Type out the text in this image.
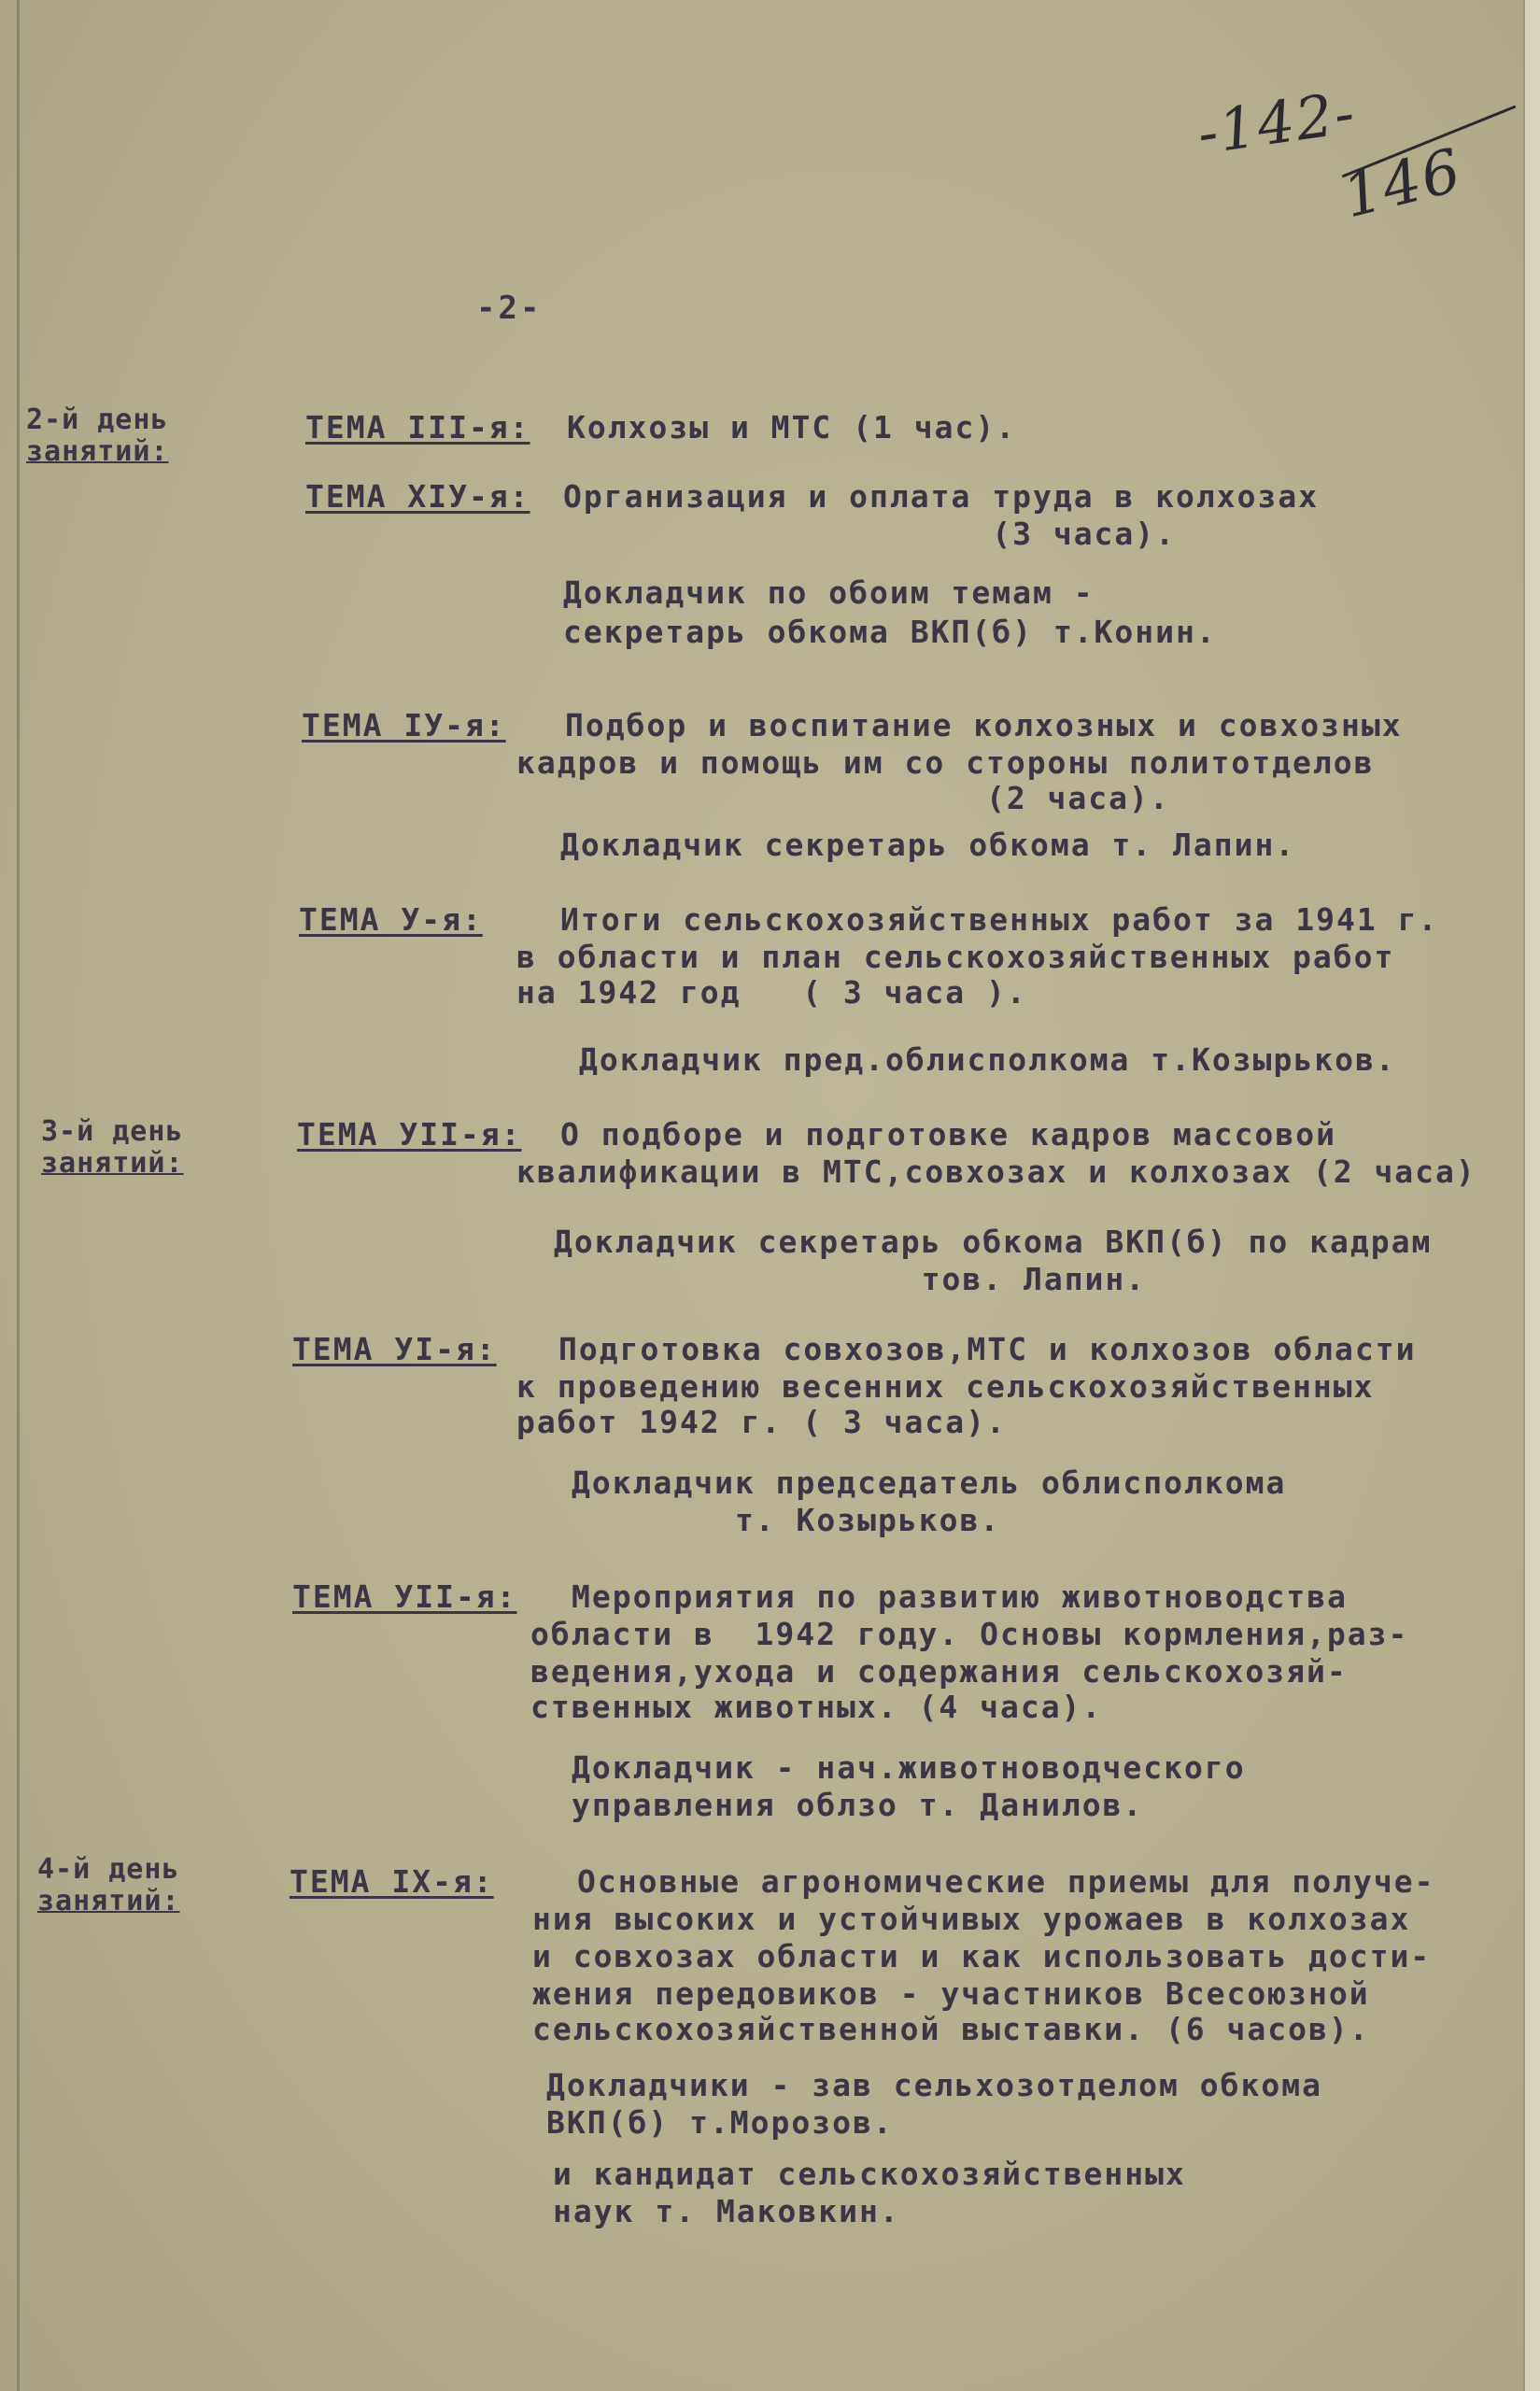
-142-
146
-2-
2-й день
занятий:
3-й день
занятий:
4-й день
занятий:
ТЕМА III-я: Колхозы и МТС (1 час).
ТЕМА XIУ-я: Организация и оплата труда в колхозах
(3 часа).
Докладчик по обоим темам -
секретарь обкома ВКП(б) т.Конин.
ТЕМА IУ-я: Подбор и воспитание колхозных и совхозных
кадров и помощь им со стороны политотделов
(2 часа).
Докладчик секретарь обкома т. Лапин.
ТЕМА У-я:	Итоги сельскохозяйственных работ за 1941 г.
в области и план сельскохозяйственных работ
на 1942 год   ( 3 часа ).
Докладчик пред.облисполкома т.Козырьков.
ТЕМА УII-я: О подборе и подготовке кадров массовой
квалификации в МТС,совхозах и колхозах (2 часа)
Докладчик секретарь обкома ВКП(б) по кадрам
тов. Лапин.
ТЕМА УI-я: Подготовка совхозов,МТС и колхозов области
к проведению весенних сельскохозяйственных
работ 1942 г. ( 3 часа).
Докладчик председатель облисполкома
т. Козырьков.
ТЕМА УII-я: Мероприятия по развитию животноводства
области в  1942 году. Основы кормления,раз-
ведения,ухода и содержания сельскохозяй-
ственных животных. (4 часа).
Докладчик - нач.животноводческого
управления облзо т. Данилов.
ТЕМА IХ-я:	Основные агрономические приемы для получе-
ния высоких и устойчивых урожаев в колхозах
и совхозах области и как использовать дости-
жения передовиков - участников Всесоюзной
сельскохозяйственной выставки. (6 часов).
Докладчики - зав сельхозотделом обкома
ВКП(б) т.Морозов.
и кандидат сельскохозяйственных
наук т. Маковкин.
